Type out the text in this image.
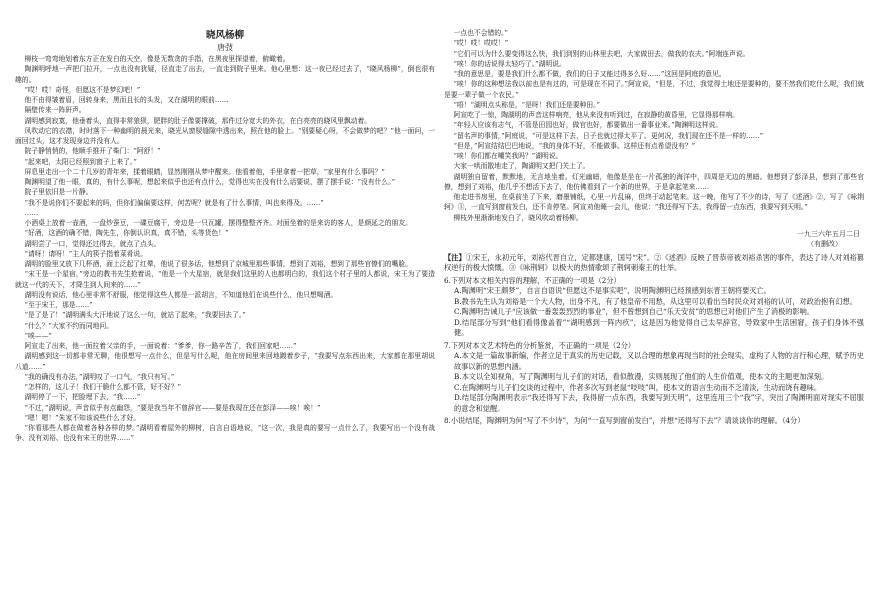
晓风杨柳
唐弢

柳枝一弯弯地划着东方正在发白的天空，像是无数贪的手指，在黑夜里探望着，俯瞰着。

陶渊明呼地一声把门拉开，一点也没有犹疑，径直走了出去，一直走到院子里来。他心里想：这一夜已经过去了，“晓风杨柳”，倒也很有趣的。

“哎！哎！奇怪，但愿这不是梦幻吧！”

他不由得皱着眉，回转身来，黑而且长的头发，又在湖明的眼前……

隔壁传来一阵鼾声。

湖明感到寂寞，他垂着头，直得非常狼狈，肥胖的肚子像要撑破，那件过分宽大的外衣，在白亮亮的晓风里飘动着。

风吹动它的衣襟，时时落下一种幽明的晨光来，晓光从窗棂缝隙中透出来，照在他的脸上。“别要疑心呀，不会做梦的吧？”他一面问，一面回过头，这才发现身边并没有人。

院子静悄悄的，他顺手推开了柴门：“阿舒！”

“起来吧，太阳已经照到窗子上来了。”

屏息里走出一个二十几岁的青年来，揉着眼睛，显然刚刚从梦中醒来。他看着他，手里拿着一把草，“家里有什么事吗？”

陶渊明望了他一眼，真的，有什么事呢，想起来似乎也还有点什么，觉得也实在没有什么话要说，摆了摆手说：“没有什么。”

院子里依旧是一片静。

“我不是说你们不要起来的吗，但你们偏偏要这样，何苦呢？就是有了什么事情，叫也来得及。……”

……

小酒桌上放着一壶酒，一盘炒蚕豆，一碟豆腐干，旁边是一只瓦罐，摆得整整齐齐。对面坐着的是来访的客人，是颜延之的朋友。

“好酒，这酒的确不错，陶先生，你倒认识真，真不错，头等货色！”

湖明尝了一口，觉得还过得去，就点了点头。

“请呀！请呀！”主人的筷子指着菜肴说。

湖明的脸里又放下几杯酒，面上泛起了红晕，他说了很多话，他想到了京城里那些事情，想到了刘裕，想到了那些官僚们的嘴脸。

“宋王是一个星宿，”旁边的教书先生抢着说，“他是一个大星宿，就是我们这里的人也都明白的，我们这个村子里的人都说，宋王为了要造就这一代的天下，才降生到人间来的……”

湖明没有说话，他心里非常不舒服，他觉得这些人都是一派胡言，不知道他们在说些什么，他只想喝酒。

“至于宋王，那是……”

“是了是了！”湖明满头大汗地说了这么一句，就站了起来，“我要回去了。”

“什么？”大家不约而同地问。

“唉——”

阿宣走了出来，他一面拉着父亲的手，一面说着：“爹爹，你一路辛苦了，我们回家吧……”

湖明感到这一切都非常无聊，他很想写一点什么，但是写什么呢，他在房间里来回地踱着步子，“我要写点东西出来，大家都在那里胡说八道……”

“我的确没有办法，”湖明叹了一口气，“我只有写。”

“怎样的，这儿子！我们干脆什么都不管，好不好？”

湖明停了一下，把脸埋下去，“我……”

“不过，”湖明说，声音似乎有点幽怨，“要是我当年不曾辞官——要是我现在还在彭泽——唉！唉！”

“嗯！嗯！”朱家不知该说些什么才好。

“你看那些人都在做着各种各样的梦。”湖明看着屋外的柳树，自言自语地说，“这一次，我是真的要写一点什么了，我要写出一个没有战争、没有刘裕、也没有宋王的世界……”

一点也不会错的。”

“哎！哎！哎哎！”

“它们可以为什么要变得这么快，我们到别的山林里去吧，大家做田去，做我的农夫。”阿端连声说。

“唉！你的话说得太轻巧了。”湖明说。

“我的意思是，要是我们什么都不做，我们的日子又能过得多么好……”这回是阿庭的意见。

“唉！你的这种想法我以前也是有过的，可是现在不同了。”阿宣说，“但是，不过，我觉得土地还是要种的，要不然我们吃什么呢，我们就是要一辈子做一个农民。”

“唔！”湖明点头称是，“是呀！我们还是要种田。”

阿宣吃了一惊，陶湖明的声音这样响亮，他从来没有听到过，在寂静的黄昏里，它显得那样响。

“年轻人应该有志气，不管是田园也好，做官也好，都要做出一番事业来。”陶渊明这样说。

“留名声的事情，”阿庭说，“可是这样下去，日子也就过得太平了。更何况，我们现在还不是一样的……”

“但是，”阿宣结结巴巴地说，“我的身体不好，不能做事。这样还有点希望没有？”

“唉！你们都在嘲笑我吗？”湖明说。

大家一哄而散地走了，陶湖明又把门关上了。

湖明独自留着，默默地，无言地坐着。灯光幽暗，他像是坐在一片孤独的海洋中，四周是无边的黑暗。他想到了彭泽县，想到了那些官僚，想到了刘裕，他几乎不想活下去了，他仿佛看到了一个新的世界，于是拿起笔来……

他走进书房里，在桌前坐了下来，磨墨铺纸，心里一片乱麻，但终于动起笔来。这一晚，他写了不少的诗，写了《述酒》②，写了《咏荆轲》③，一直写到窗前发白，还不肯停笔。阿宣劝他睡一会儿，他说：“我还得写下去，我得留一点东西，我要写到天明。”

柳枝外里渐渐地发白了，晓风吹动着杨柳。

一九三六年五月二日
（有删改）
【注】①宋王，永初元年，刘裕代晋自立，定都建康，国号“宋”。②《述酒》反映了晋恭帝被刘裕杀害的事件，表达了诗人对刘裕篡权逆行的极大愤慨。③《咏荆轲》以极大的热情歌颂了荆轲刺秦王的壮举。
6.下列对本文相关内容的理解，不正确的一项是（2分）
A.陶渊明“宋王颇梦”，自言自语说“但愿这不是事实吧”，说明陶渊明已经预感到东晋王朝将要灭亡。
B.教书先生认为刘裕是一个大人物，出身不凡，有了他皇帝不用愁，从这里可以看出当时民众对刘裕的认可，对政治抱有幻想。
C.陶渊明告诫儿子“应该做一番轰轰烈烈的事业”，但不曾想到自己“乐天安贫”的思想已对他们产生了消极的影响。
D.结尾部分写到“他们看得像盖着”“湖明感到一阵内疚”，这是因为他觉得自己太早辞官，导致家中生活困窘，孩子们身体不强健。
7.下列对本文艺术特色的分析鉴赏，不正确的一项是（2分）
A.本文是一篇故事新编，作者立足于真实的历史记载，又以合理的想象再现当时的社会现实，虚构了人物的言行和心理，赋予历史故事以新的思想内涵。
B.本文以全知视角，写了陶渊明与儿子们的对话，看似散漫，实则展现了他们的人生价值观，使本文的主题更加深刻。
C.在陶渊明与儿子们交谈的过程中，作者多次写到老鼠“吱吱”叫，使本文的语言生动而不乏清淡，生动而饶有趣味。
D.结尾部分陶渊明表示“我还得写下去，我得留一点东西，我要写到天明”，这里连用三个“我”字，突出了陶渊明面对现实不屈服的意念和觉醒。
8.小说结尾，陶渊明为何“写了不少诗”，为何“一直写到窗前发白”，并想“还得写下去”？请谈谈你的理解。（4分）
